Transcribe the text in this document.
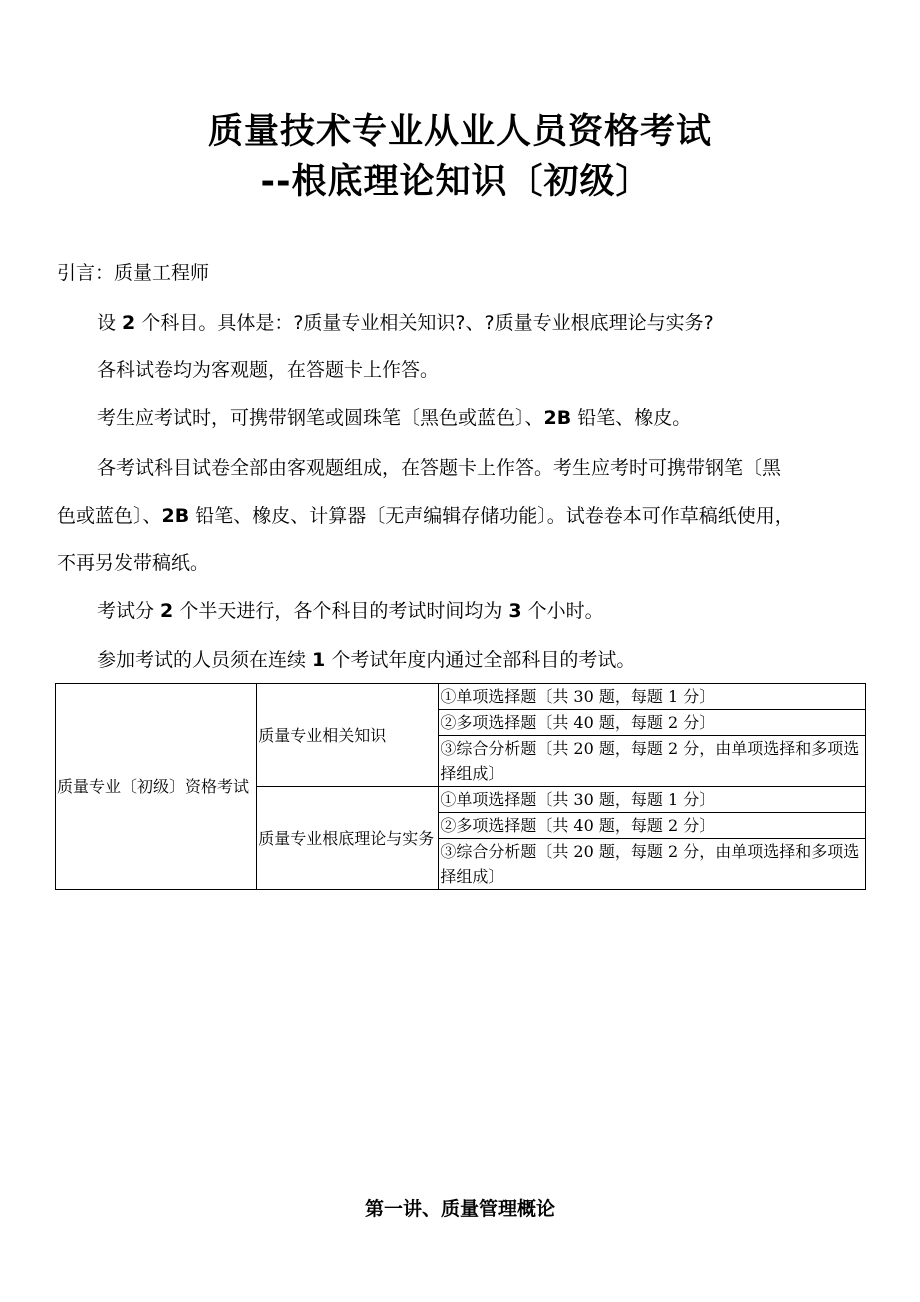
质量技术专业从业人员资格考试
--根底理论知识〔初级〕

引言：质量工程师

设 2 个科目。具体是：?质量专业相关知识?、?质量专业根底理论与实务?

各科试卷均为客观题，在答题卡上作答。

考生应考试时，可携带钢笔或圆珠笔〔黑色或蓝色〕、2B 铅笔、橡皮。

各考试科目试卷全部由客观题组成，在答题卡上作答。考生应考时可携带钢笔〔黑

色或蓝色〕、2B 铅笔、橡皮、计算器〔无声编辑存储功能〕。试卷卷本可作草稿纸使用，

不再另发带稿纸。

考试分 2 个半天进行，各个科目的考试时间均为 3 个小时。

参加考试的人员须在连续 1 个考试年度内通过全部科目的考试。

质量专业〔初级〕资格考试	质量专业相关知识	①单项选择题〔共 30 题，每题 1 分〕
		②多项选择题〔共 40 题，每题 2 分〕
		③综合分析题〔共 20 题，每题 2 分，由单项选择和多项选择组成〕
	质量专业根底理论与实务	①单项选择题〔共 30 题，每题 1 分〕
		②多项选择题〔共 40 题，每题 2 分〕
		③综合分析题〔共 20 题，每题 2 分，由单项选择和多项选择组成〕

第一讲、质量管理概论
